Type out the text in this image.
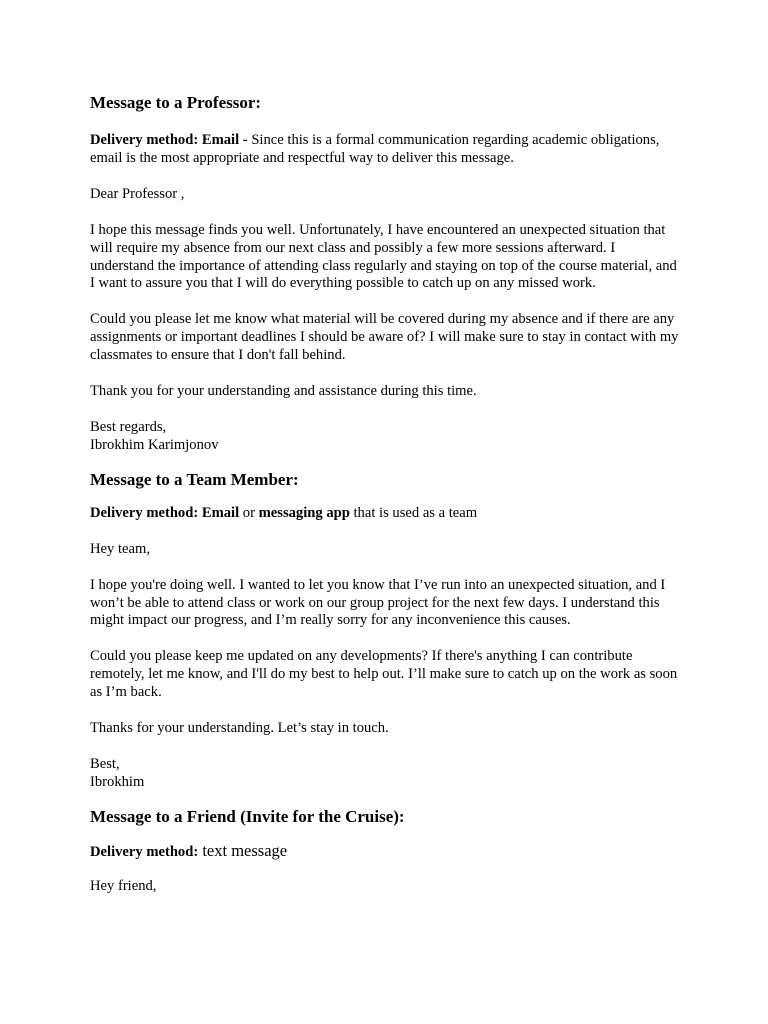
Message to a Professor:

Delivery method: Email - Since this is a formal communication regarding academic obligations, email is the most appropriate and respectful way to deliver this message.

Dear Professor ,

I hope this message finds you well. Unfortunately, I have encountered an unexpected situation that will require my absence from our next class and possibly a few more sessions afterward. I understand the importance of attending class regularly and staying on top of the course material, and I want to assure you that I will do everything possible to catch up on any missed work.

Could you please let me know what material will be covered during my absence and if there are any assignments or important deadlines I should be aware of? I will make sure to stay in contact with my classmates to ensure that I don't fall behind.

Thank you for your understanding and assistance during this time.

Best regards,

Ibrokhim Karimjonov

Message to a Team Member:

Delivery method: Email or messaging app that is used as a team

Hey team,

I hope you're doing well. I wanted to let you know that I’ve run into an unexpected situation, and I won’t be able to attend class or work on our group project for the next few days. I understand this might impact our progress, and I’m really sorry for any inconvenience this causes.

Could you please keep me updated on any developments? If there's anything I can contribute remotely, let me know, and I'll do my best to help out. I’ll make sure to catch up on the work as soon as I’m back.

Thanks for your understanding. Let’s stay in touch.

Best,

Ibrokhim

Message to a Friend (Invite for the Cruise):

Delivery method: text message

Hey friend,
